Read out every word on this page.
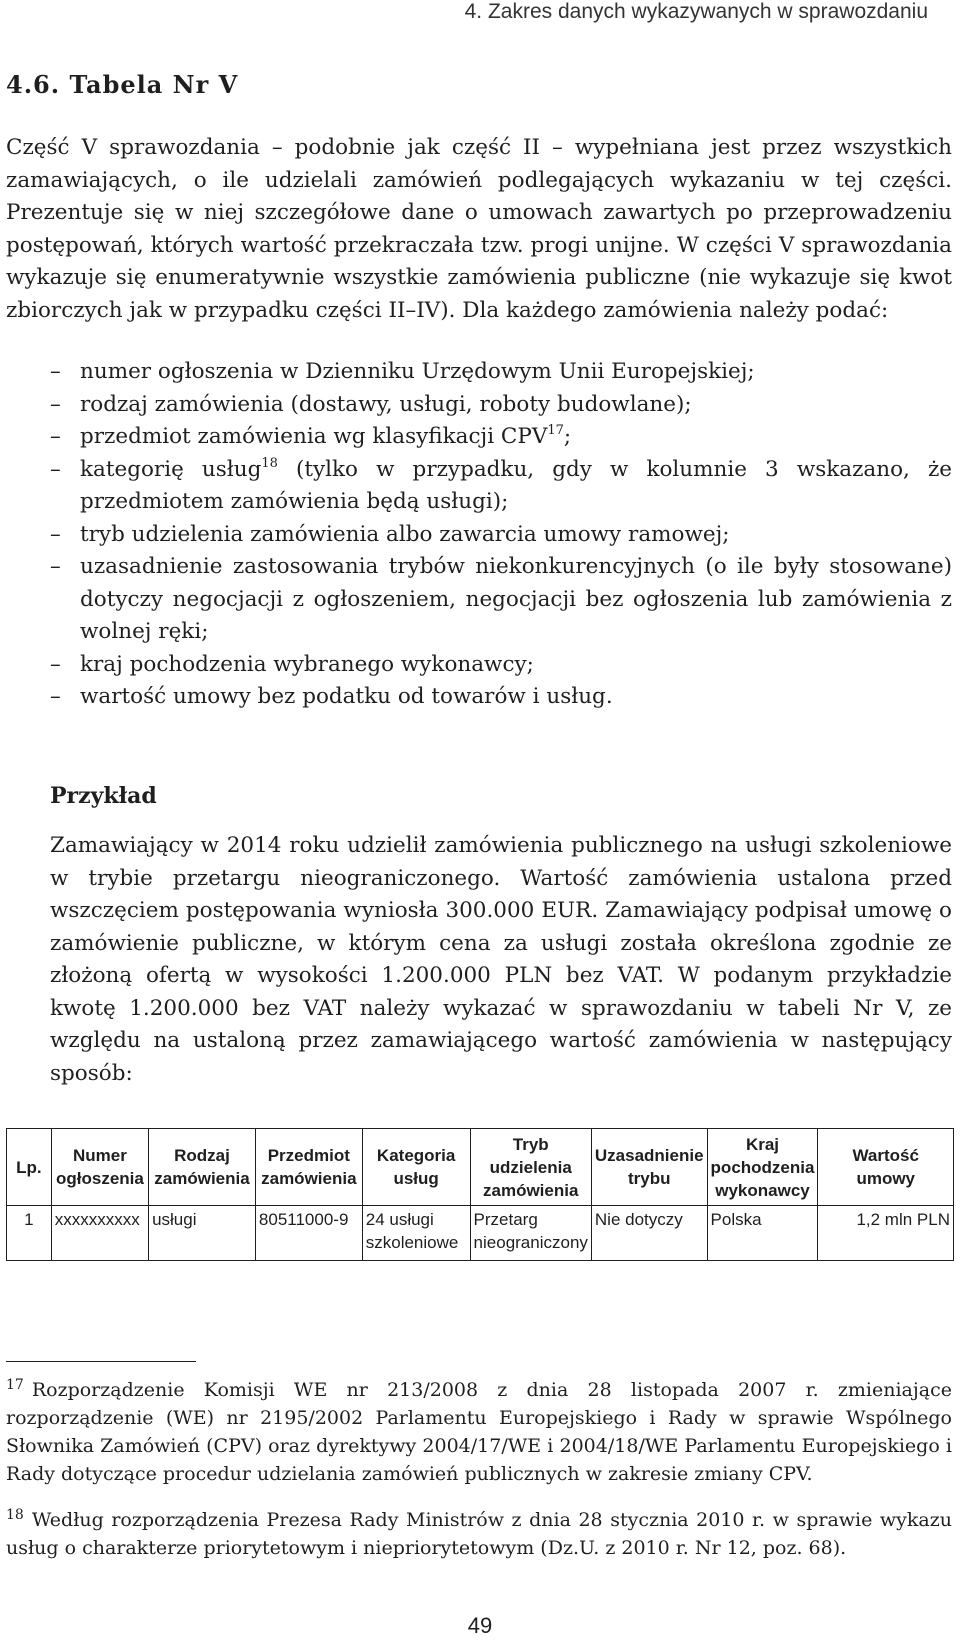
4. Zakres danych wykazywanych w sprawozdaniu
4.6. Tabela Nr V

Część V sprawozdania – podobnie jak część II – wypełniana jest przez wszystkich zamawiających, o ile udzielali zamówień podlegających wykazaniu w tej części. Prezentuje się w niej szczegółowe dane o umowach zawartych po przeprowadzeniu postępowań, których wartość przekraczała tzw. progi unijne. W części V sprawozdania wykazuje się enumeratywnie wszystkie zamówienia publiczne (nie wykazuje się kwot zbiorczych jak w przypadku części II–IV). Dla każdego zamówienia należy podać:

– numer ogłoszenia w Dzienniku Urzędowym Unii Europejskiej;
– rodzaj zamówienia (dostawy, usługi, roboty budowlane);
– przedmiot zamówienia wg klasyfikacji CPV$^{17}$;
– kategorię usług$^{18}$ (tylko w przypadku, gdy w kolumnie 3 wskazano, że przedmiotem zamówienia będą usługi);
– tryb udzielenia zamówienia albo zawarcia umowy ramowej;
– uzasadnienie zastosowania trybów niekonkurencyjnych (o ile były stosowane) dotyczy negocjacji z ogłoszeniem, negocjacji bez ogłoszenia lub zamówienia z wolnej ręki;
– kraj pochodzenia wybranego wykonawcy;
– wartość umowy bez podatku od towarów i usług.
Przykład

Zamawiający w 2014 roku udzielił zamówienia publicznego na usługi szkoleniowe w trybie przetargu nieograniczonego. Wartość zamówienia ustalona przed wszczęciem postępowania wyniosła 300.000 EUR. Zamawiający podpisał umowę o zamówienie publiczne, w którym cena za usługi została określona zgodnie ze złożoną ofertą w wysokości 1.200.000 PLN bez VAT. W podanym przykładzie kwotę 1.200.000 bez VAT należy wykazać w sprawozdaniu w tabeli Nr V, ze względu na ustaloną przez zamawiającego wartość zamówienia w następujący sposób:

Lp.	Numer ogłoszenia	Rodzaj zamówienia	Przedmiot zamówienia	Kategoria usług	Tryb udzielenia zamówienia	Uzasadnienie trybu	Kraj pochodzenia wykonawcy	Wartość umowy
1	xxxxxxxxxx	usługi	80511000-9	24 usługi szkoleniowe	Przetarg nieograniczony	Nie dotyczy	Polska	1,2 mln PLN

$^{17}$ Rozporządzenie Komisji WE nr 213/2008 z dnia 28 listopada 2007 r. zmieniające rozporządzenie (WE) nr 2195/2002 Parlamentu Europejskiego i Rady w sprawie Wspólnego Słownika Zamówień (CPV) oraz dyrektywy 2004/17/WE i 2004/18/WE Parlamentu Europejskiego i Rady dotyczące procedur udzielania zamówień publicznych w zakresie zmiany CPV.

$^{18}$ Według rozporządzenia Prezesa Rady Ministrów z dnia 28 stycznia 2010 r. w sprawie wykazu usług o charakterze priorytetowym i niepriorytetowym (Dz.U. z 2010 r. Nr 12, poz. 68).

49
